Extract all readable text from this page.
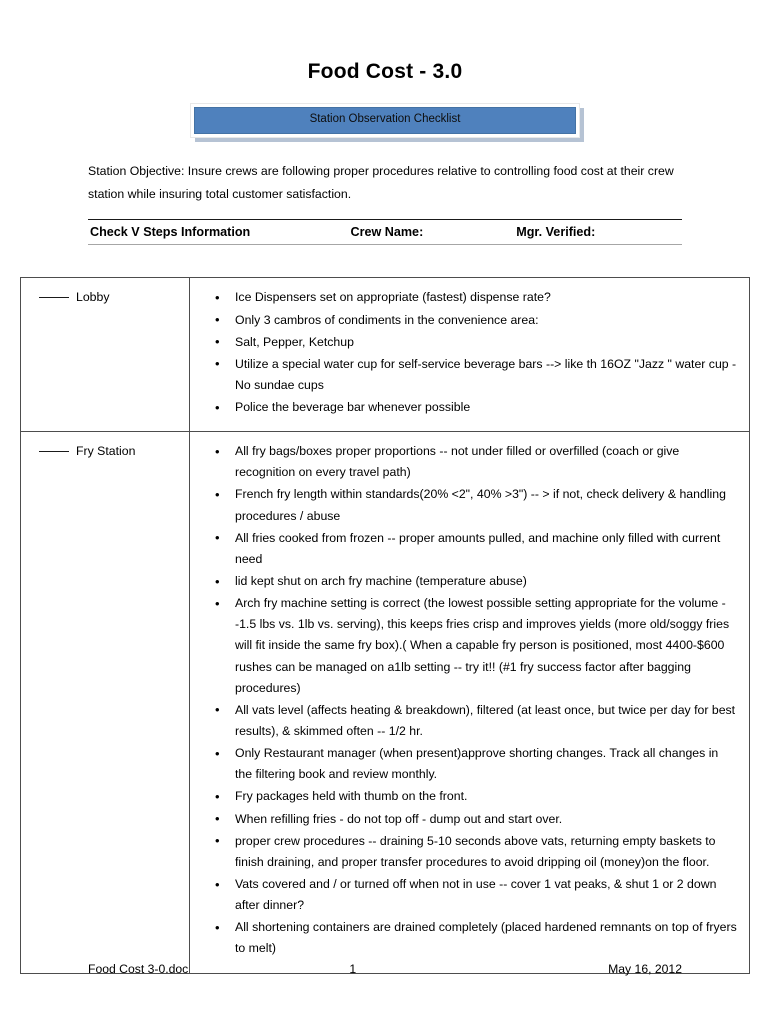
Food Cost - 3.0
Station Observation Checklist

Station Objective: Insure crews are following proper procedures relative to controlling food cost at their crew station while insuring total customer satisfaction.

Check V Steps Information	Crew Name:	Mgr. Verified:
Lobby	
•Ice Dispensers set on appropriate (fastest) dispense rate?
• Only 3 cambros of condiments in the convenience area:
• Salt, Pepper, Ketchup
• Utilize a special water cup for self-service beverage bars --> like th 16OZ "Jazz " water cup - No sundae cups
• Police the beverage bar whenever possible

Fry Station	
•All fry bags/boxes proper proportions -- not under filled or overfilled (coach or give recognition on every travel path)
• French fry length within standards(20% <2", 40% >3") -- > if not, check delivery & handling procedures / abuse
• All fries cooked from frozen -- proper amounts pulled, and machine only filled with current need
• lid kept shut on arch fry machine (temperature abuse)
• Arch fry machine setting is correct (the lowest possible setting appropriate for the volume --1.5 lbs vs. 1lb vs. serving), this keeps fries crisp and improves yields (more old/soggy fries will fit inside the same fry box).( When a capable fry person is positioned, most 4400-$600 rushes can be managed on a1lb setting -- try it!! (#1 fry success factor after bagging procedures)
• All vats level (affects heating & breakdown), filtered (at least once, but twice per day for best results), & skimmed often -- 1/2 hr.
• Only Restaurant manager (when present)approve shorting changes. Track all changes in the filtering book and review monthly.
• Fry packages held with thumb on the front.
• When refilling fries - do not top off - dump out and start over.
• proper crew procedures -- draining 5-10 seconds above vats, returning empty baskets to finish draining, and proper transfer procedures to avoid dripping oil (money)on the floor.
• Vats covered and / or turned off when not in use -- cover 1 vat peaks, & shut 1 or 2 down after dinner?
• All shortening containers are drained completely (placed hardened remnants on top of fryers to melt)
Food Cost 3-0.doc	1	May 16, 2012
